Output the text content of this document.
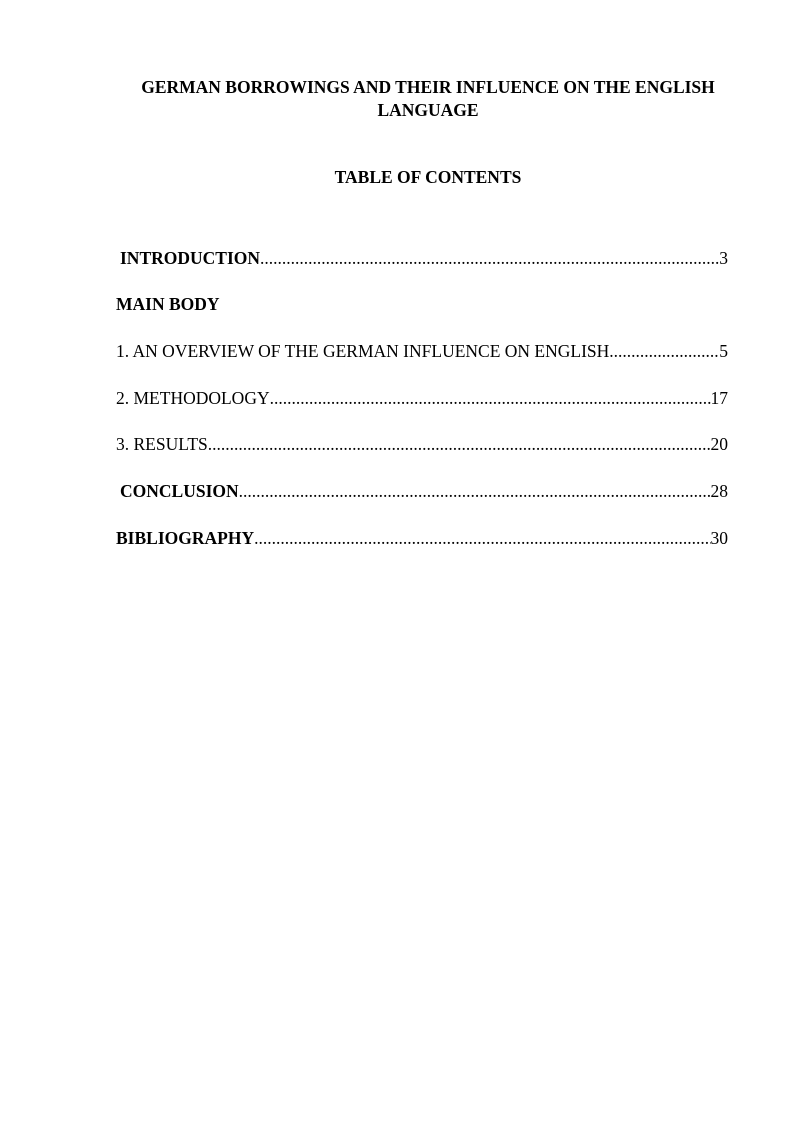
GERMAN BORROWINGS AND THEIR INFLUENCE ON THE ENGLISH LANGUAGE
TABLE OF CONTENTS
INTRODUCTION .....	3
MAIN BODY
1. AN OVERVIEW OF THE GERMAN INFLUENCE ON ENGLISH .....	5
2. METHODOLOGY .....	17
3. RESULTS .....	20
CONCLUSION .....	28
BIBLIOGRAPHY .....	30
